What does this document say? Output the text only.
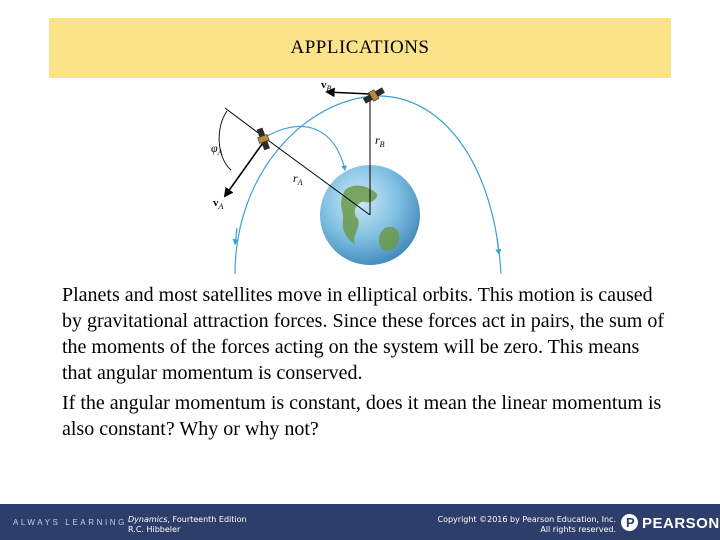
APPLICATIONS
$v_B$
$v_A$
$\varphi_A$
$r_B$
$r_A$

Planets and most satellites move in elliptical orbits. This motion is caused by gravitational attraction forces. Since these forces act in pairs, the sum of the moments of the forces acting on the system will be zero. This means that angular momentum is conserved.

If the angular momentum is constant, does it mean the linear momentum is also constant? Why or why not?

ALWAYS LEARNING Dynamics, Fourteenth Edition
R.C. Hibbeler
Copyright ©2016 by Pearson Education, Inc.
All rights reserved. P PEARSON
